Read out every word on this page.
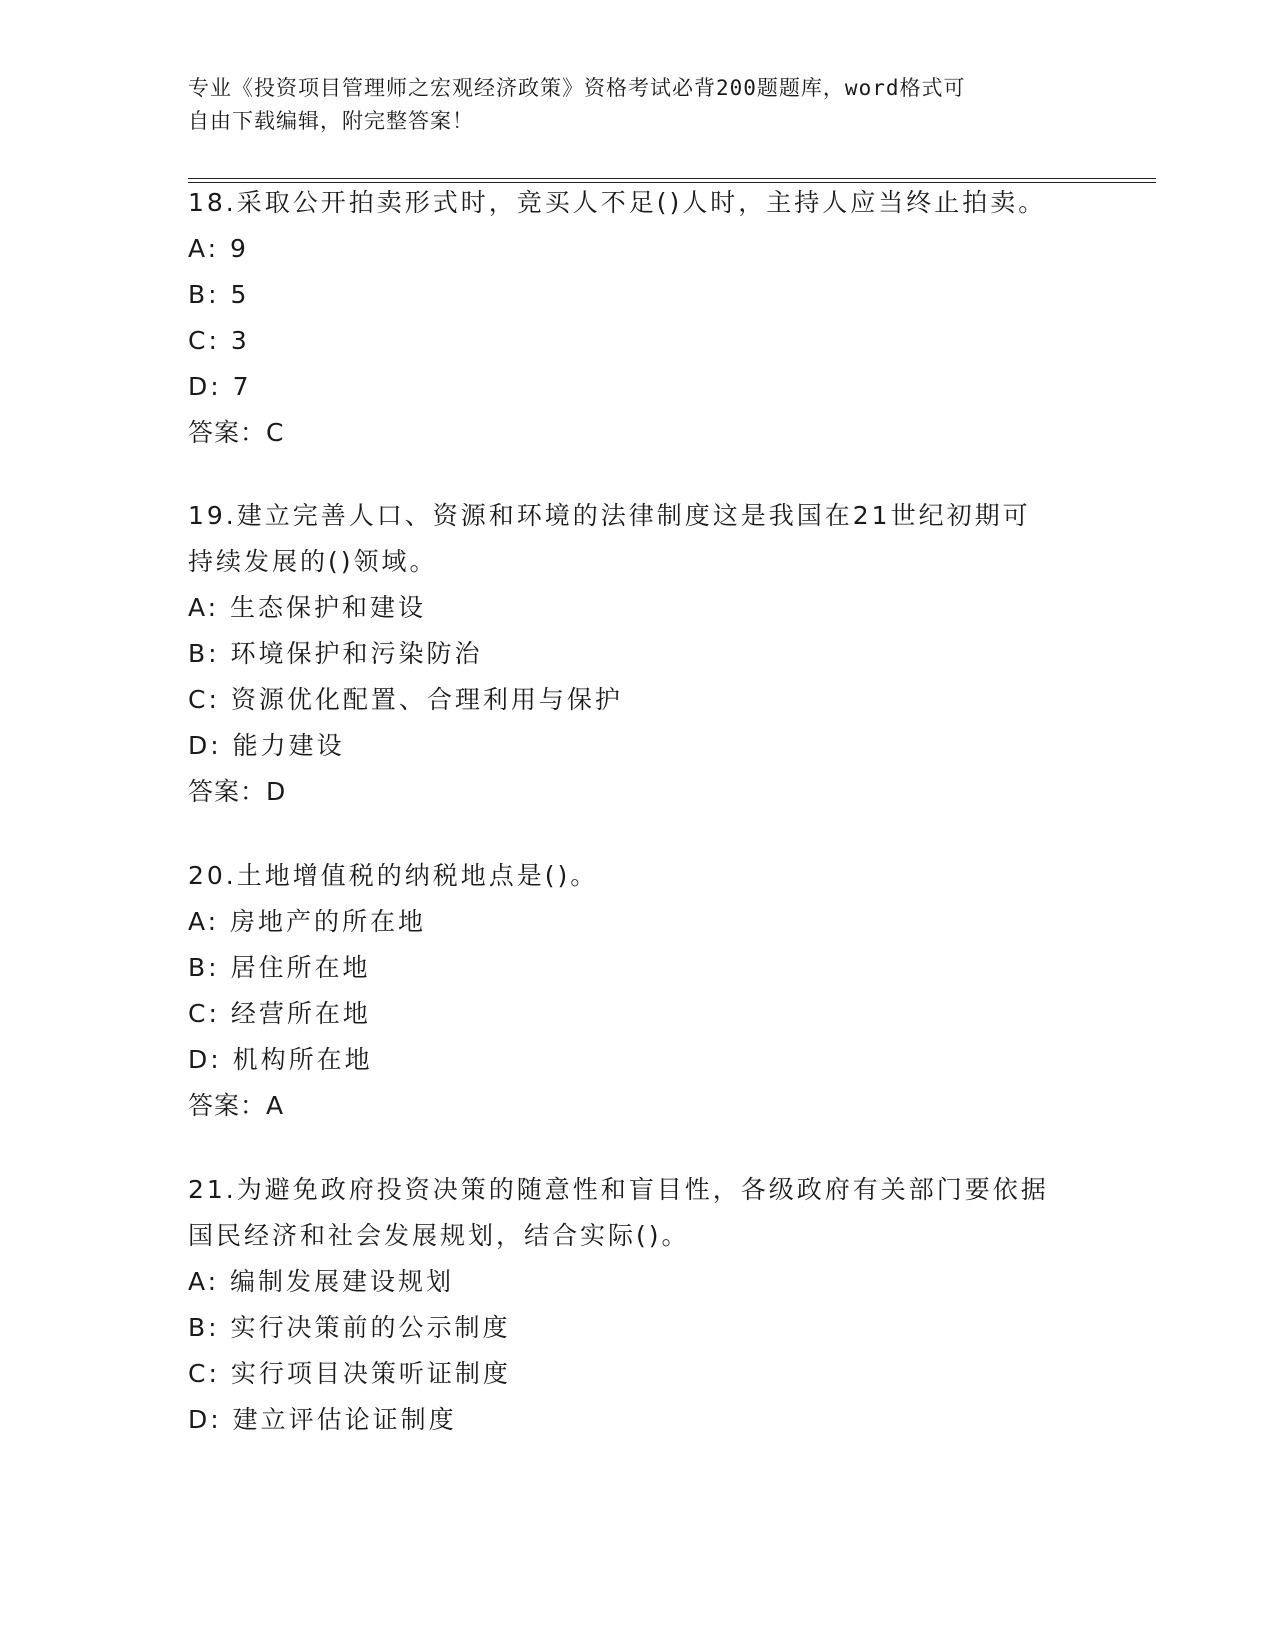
专业《投资项目管理师之宏观经济政策》资格考试必背200题题库，word格式可
自由下载编辑，附完整答案！
18.采取公开拍卖形式时，竞买人不足()人时，主持人应当终止拍卖。
A: 9
B: 5
C: 3
D: 7
答案：C
19.建立完善人口、资源和环境的法律制度这是我国在21世纪初期可
持续发展的()领域。
A: 生态保护和建设
B: 环境保护和污染防治
C: 资源优化配置、合理利用与保护
D: 能力建设
答案：D
20.土地增值税的纳税地点是()。
A: 房地产的所在地
B: 居住所在地
C: 经营所在地
D: 机构所在地
答案：A
21.为避免政府投资决策的随意性和盲目性，各级政府有关部门要依据
国民经济和社会发展规划，结合实际()。
A: 编制发展建设规划
B: 实行决策前的公示制度
C: 实行项目决策听证制度
D: 建立评估论证制度
